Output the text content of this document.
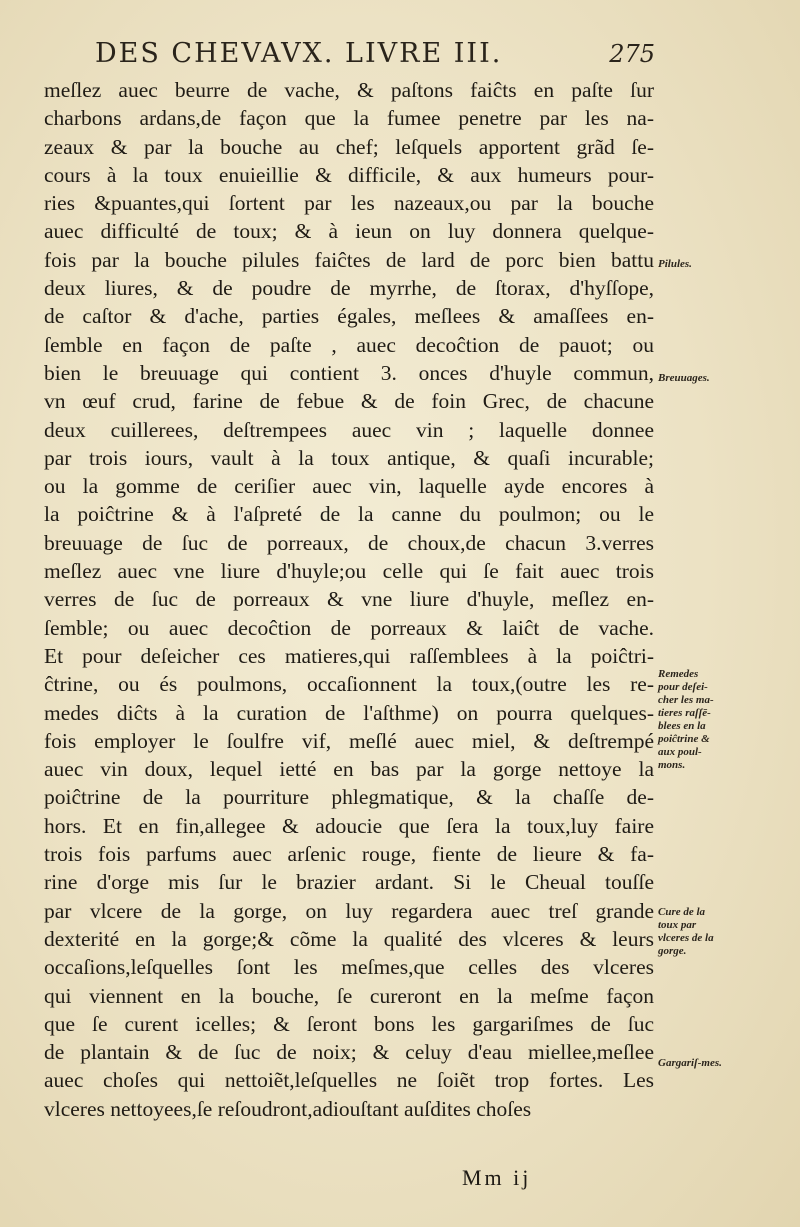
DES CHEVAVX. LIVRE III.	275
meſlez auec beurre de vache, & paſtons faiĉts en paſte ſur
charbons ardans,de façon que la fumee penetre par les na-
zeaux & par la bouche au chef; leſquels apportent grãd ſe-
cours à la toux enuieillie & difficile, & aux humeurs pour-
ries &puantes,qui ſortent par les nazeaux,ou par la bouche
auec difficulté de toux; & à ieun on luy donnera quelque-
fois par la bouche pilules faiĉtes de lard de porc bien battu
deux liures, & de poudre de myrrhe, de ſtorax, d'hyſſope,
de caſtor & d'ache, parties égales, meſlees & amaſſees en-
ſemble en façon de paſte , auec decoĉtion de pauot; ou
bien le breuuage qui contient 3. onces d'huyle commun,
vn œuf crud, farine de febue & de foin Grec, de chacune
deux cuillerees, deſtrempees auec vin ; laquelle donnee
par trois iours, vault à la toux antique, & quaſi incurable;
ou la gomme de ceriſier auec vin, laquelle ayde encores à
la poiĉtrine & à l'aſpreté de la canne du poulmon; ou le
breuuage de ſuc de porreaux, de choux,de chacun 3.verres
meſlez auec vne liure d'huyle;ou celle qui ſe fait auec trois
verres de ſuc de porreaux & vne liure d'huyle, meſlez en-
ſemble; ou auec decoĉtion de porreaux & laiĉt de vache.
Et pour deſeicher ces matieres,qui raſſemblees à la poiĉtri-
ĉtrine, ou és poulmons, occaſionnent la toux,(outre les re-
medes diĉts à la curation de l'aſthme) on pourra quelques-
fois employer le ſoulfre vif, meſlé auec miel, & deſtrempé
auec vin doux, lequel ietté en bas par la gorge nettoye la
poiĉtrine de la pourriture phlegmatique, & la chaſſe de-
hors. Et en fin,allegee & adoucie que ſera la toux,luy faire
trois fois parfums auec arſenic rouge, fiente de lieure & fa-
rine d'orge mis ſur le brazier ardant. Si le Cheual touſſe
par vlcere de la gorge, on luy regardera auec treſ grande
dexterité en la gorge;& cõme la qualité des vlceres & leurs
occaſions,leſquelles ſont les meſmes,que celles des vlceres
qui viennent en la bouche, ſe cureront en la meſme façon
que ſe curent icelles; & ſeront bons les gargariſmes de ſuc
de plantain & de ſuc de noix; & celuy d'eau miellee,meſlee
auec choſes qui nettoiẽt,leſquelles ne ſoiẽt trop fortes. Les
vlceres nettoyees,ſe reſoudront,adiouſtant auſdites choſes
Pilules.
Breuuages.
Remedes pour deſei-cher les ma-tieres raſſē-blees en la poiĉtrine & aux poul-mons.
Cure de la toux par vlceres de la gorge.
Gargariſ-mes.
Mm ij
